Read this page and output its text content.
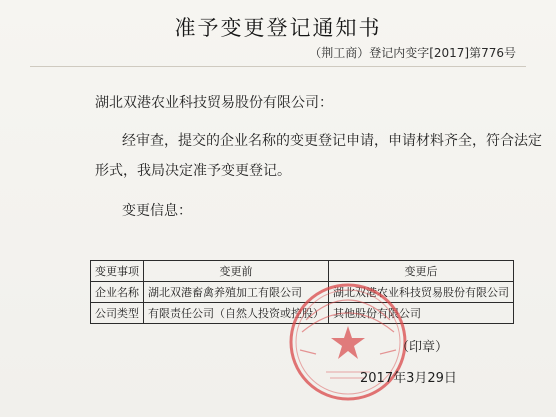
准予变更登记通知书
（荆工商）登记内变字[2017]第776号
湖北双港农业科技贸易股份有限公司：
经审查，提交的企业名称的变更登记申请，申请材料齐全，符合法定
形式，我局决定准予变更登记。
变更信息：
变更事项	变更前	变更后
企业名称	湖北双港畜禽养殖加工有限公司	湖北双港农业科技贸易股份有限公司
公司类型	有限责任公司（自然人投资或控股）	其他股份有限公司
（印章）
2017年3月29日
